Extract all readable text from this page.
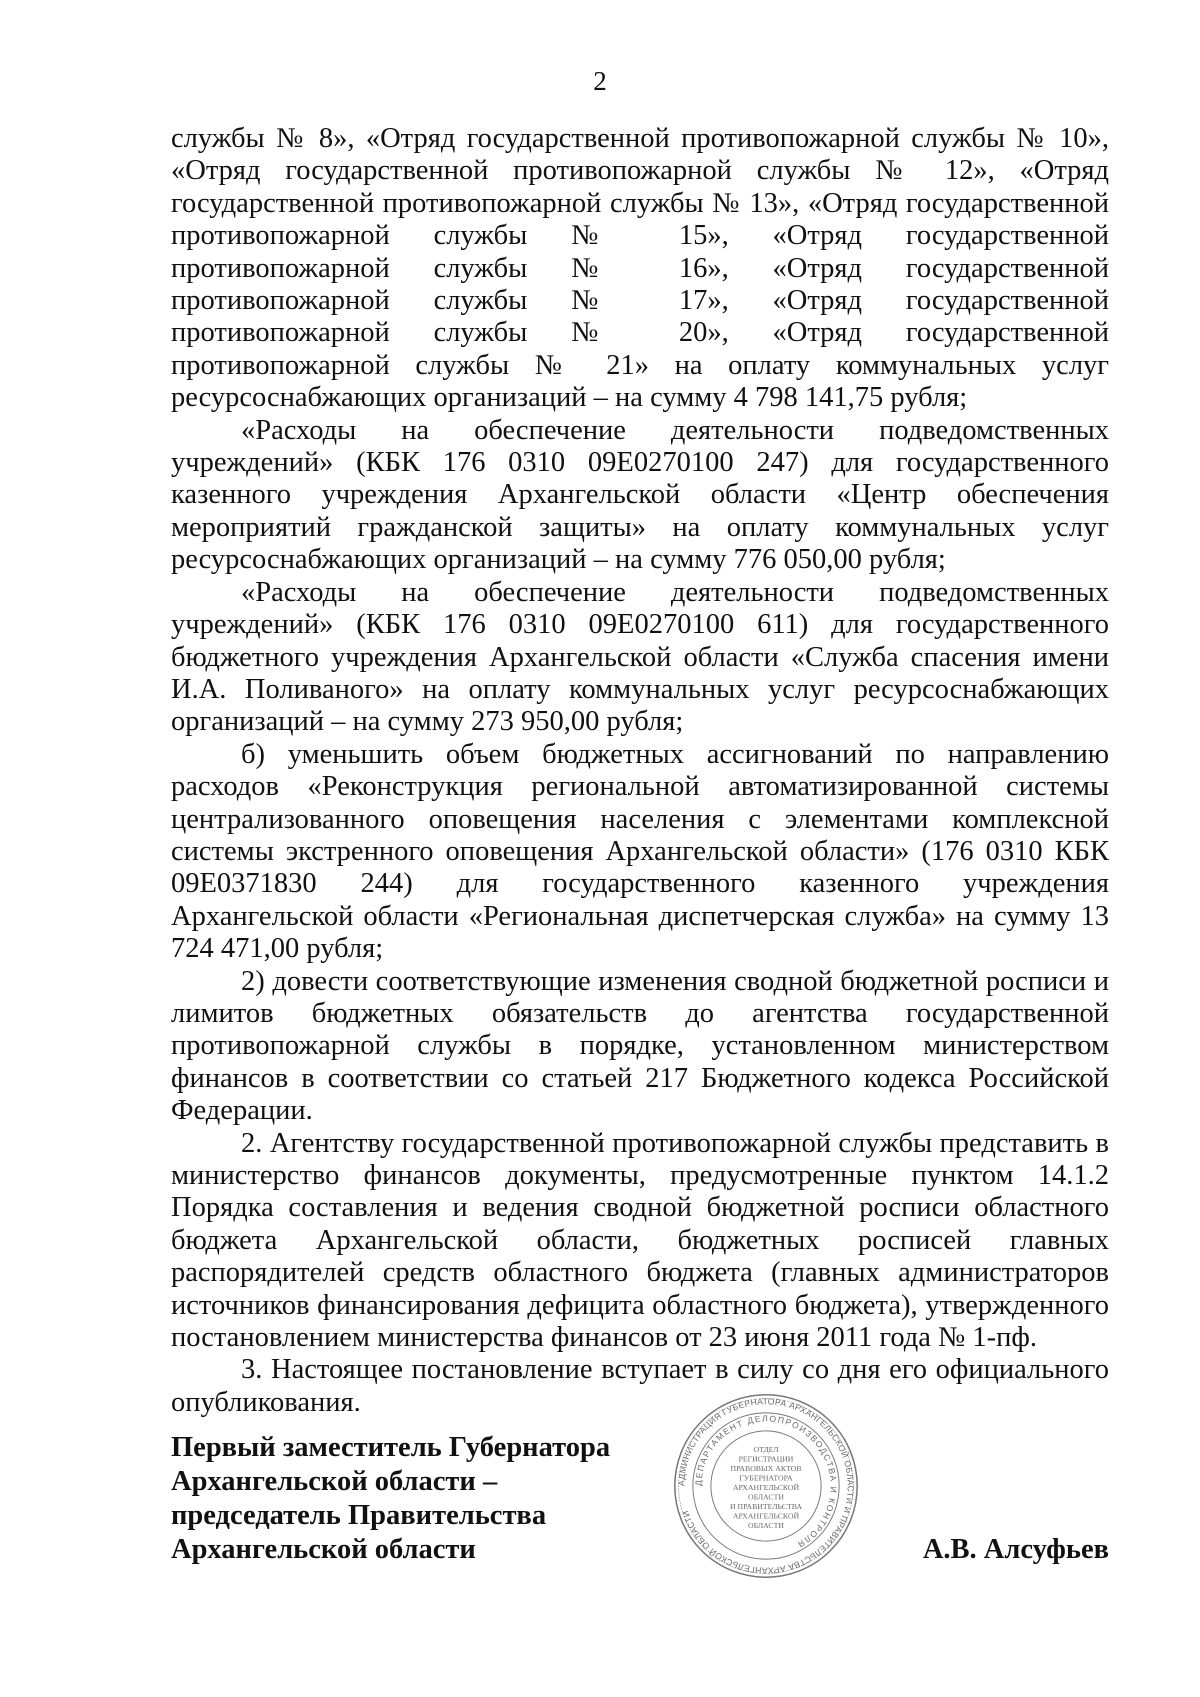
2

службы № 8», «Отряд государственной противопожарной службы № 10», «Отряд государственной противопожарной службы № 12», «Отряд государственной противопожарной службы № 13», «Отряд государственной противопожарной службы № 15», «Отряд государственной противопожарной службы № 16», «Отряд государственной противопожарной службы № 17», «Отряд государственной противопожарной службы № 20», «Отряд государственной противопожарной службы № 21» на оплату коммунальных услуг ресурсоснабжающих организаций – на сумму 4 798 141,75 рубля;

«Расходы на обеспечение деятельности подведомственных учреждений» (КБК 176 0310 09Е0270100 247) для государственного казенного учреждения Архангельской области «Центр обеспечения мероприятий гражданской защиты» на оплату коммунальных услуг ресурсоснабжающих организаций – на сумму 776 050,00 рубля;

«Расходы на обеспечение деятельности подведомственных учреждений» (КБК 176 0310 09Е0270100 611) для государственного бюджетного учреждения Архангельской области «Служба спасения имени И.А. Поливаного» на оплату коммунальных услуг ресурсоснабжающих организаций – на сумму 273 950,00 рубля;

б) уменьшить объем бюджетных ассигнований по направлению расходов «Реконструкция региональной автоматизированной системы централизованного оповещения населения с элементами комплексной системы экстренного оповещения Архангельской области» (176 0310 КБК 09Е0371830 244) для государственного казенного учреждения Архангельской области «Региональная диспетчерская служба» на сумму 13 724 471,00 рубля;

2) довести соответствующие изменения сводной бюджетной росписи и лимитов бюджетных обязательств до агентства государственной противопожарной службы в порядке, установленном министерством финансов в соответствии со статьей 217 Бюджетного кодекса Российской Федерации.

2. Агентству государственной противопожарной службы представить в министерство финансов документы, предусмотренные пунктом 14.1.2 Порядка составления и ведения сводной бюджетной росписи областного бюджета Архангельской области, бюджетных росписей главных распорядителей средств областного бюджета (главных администраторов источников финансирования дефицита областного бюджета), утвержденного постановлением министерства финансов от 23 июня 2011 года № 1-пф.

3. Настоящее постановление вступает в силу со дня его официального опубликования.

Первый заместитель Губернатора
Архангельской области –
председатель Правительства
Архангельской области
АДМИНИСТРАЦИЯ ГУБЕРНАТОРА АРХАНГЕЛЬСКОЙ ОБЛАСТИ И ПРАВИТЕЛЬСТВА АРХАНГЕЛЬСКОЙ ОБЛАСТИ
ДЕПАРТАМЕНТ ДЕЛОПРОИЗВОДСТВА И КОНТРОЛЯ
ОТДЕЛ
РЕГИСТРАЦИИ
ПРАВОВЫХ АКТОВ
ГУБЕРНАТОРА
АРХАНГЕЛЬСКОЙ
ОБЛАСТИ
И ПРАВИТЕЛЬСТВА
АРХАНГЕЛЬСКОЙ
ОБЛАСТИ
А.В. Алсуфьев
